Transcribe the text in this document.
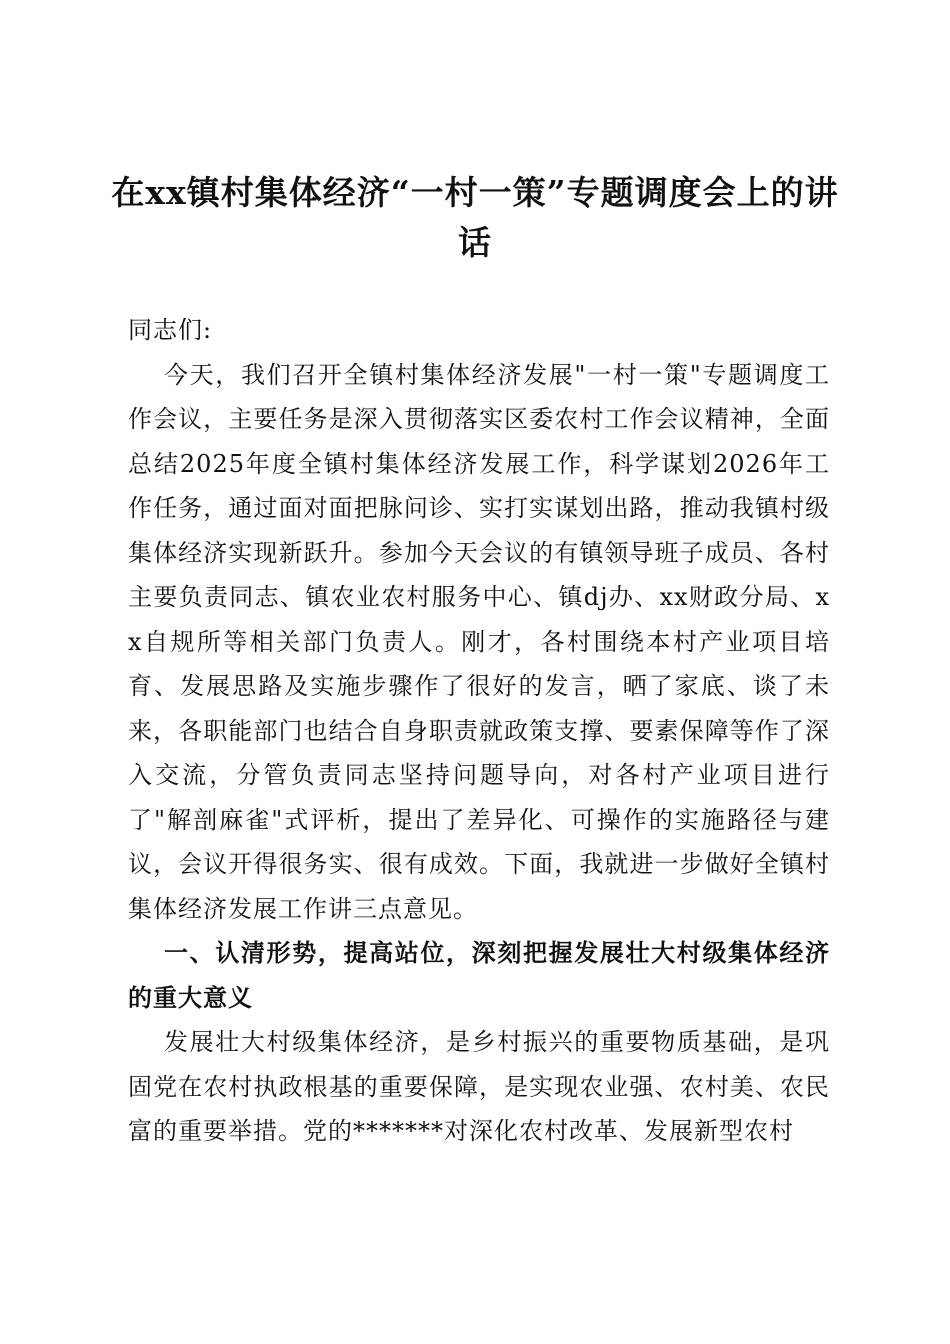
在xx镇村集体经济“一村一策”专题调度会上的讲话

同志们:

今天，我们召开全镇村集体经济发展"一村一策"专题调度工作会议，主要任务是深入贯彻落实区委农村工作会议精神，全面总结2025年度全镇村集体经济发展工作，科学谋划2026年工作任务，通过面对面把脉问诊、实打实谋划出路，推动我镇村级集体经济实现新跃升。参加今天会议的有镇领导班子成员、各村主要负责同志、镇农业农村服务中心、镇dj办、xx财政分局、xx自规所等相关部门负责人。刚才，各村围绕本村产业项目培育、发展思路及实施步骤作了很好的发言，晒了家底、谈了未来，各职能部门也结合自身职责就政策支撑、要素保障等作了深入交流，分管负责同志坚持问题导向，对各村产业项目进行了"解剖麻雀"式评析，提出了差异化、可操作的实施路径与建议，会议开得很务实、很有成效。下面，我就进一步做好全镇村集体经济发展工作讲三点意见。

一、认清形势，提高站位，深刻把握发展壮大村级集体经济的重大意义

发展壮大村级集体经济，是乡村振兴的重要物质基础，是巩固党在农村执政根基的重要保障，是实现农业强、农村美、农民富的重要举措。党的*******对深化农村改革、发展新型农村
